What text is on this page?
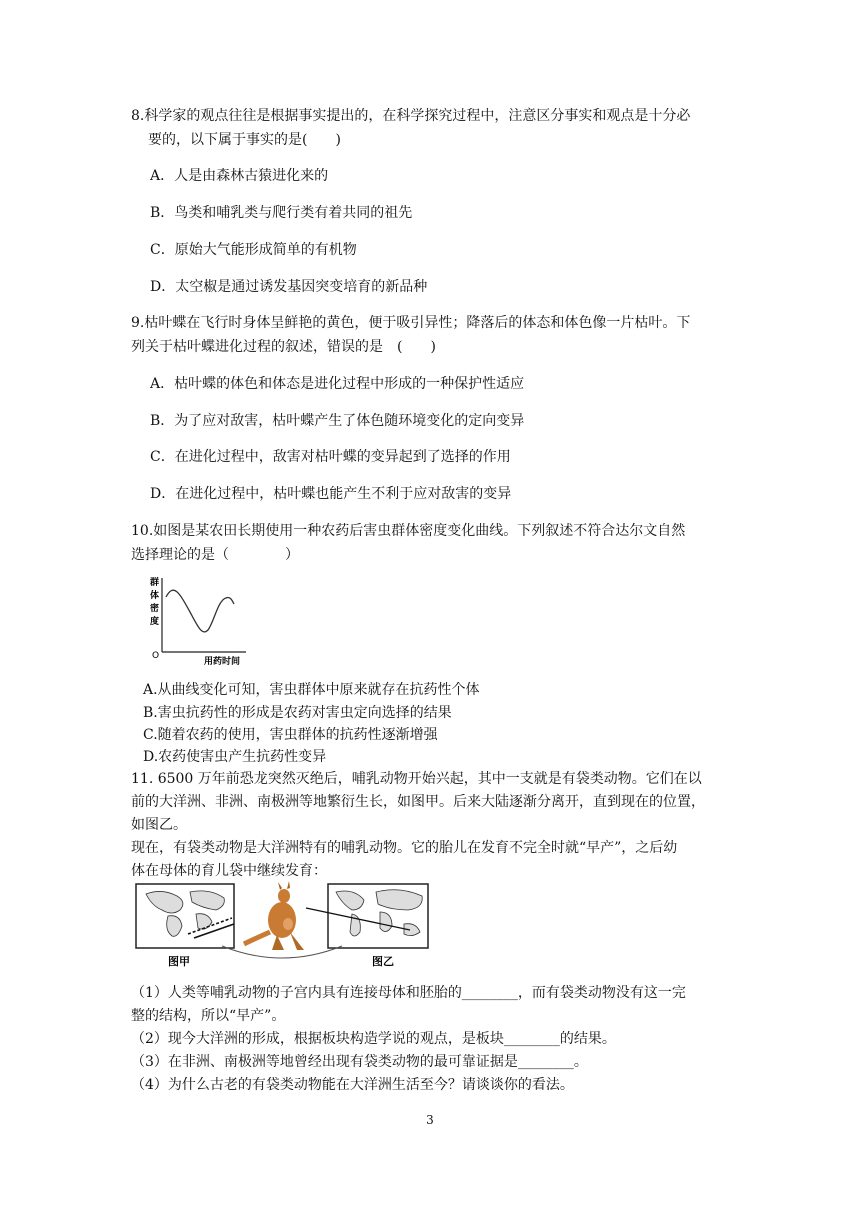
8.科学家的观点往往是根据事实提出的，在科学探究过程中，注意区分事实和观点是十分必
要的，以下属于事实的是(　　)
A．人是由森林古猿进化来的
B．鸟类和哺乳类与爬行类有着共同的祖先
C．原始大气能形成简单的有机物
D．太空椒是通过诱发基因突变培育的新品种
9.枯叶蝶在飞行时身体呈鲜艳的黄色，便于吸引异性；降落后的体态和体色像一片枯叶。下
列关于枯叶蝶进化过程的叙述，错误的是　(　　)
A．枯叶蝶的体色和体态是进化过程中形成的一种保护性适应
B．为了应对敌害，枯叶蝶产生了体色随环境变化的定向变异
C．在进化过程中，敌害对枯叶蝶的变异起到了选择的作用
D．在进化过程中，枯叶蝶也能产生不利于应对敌害的变异
10.如图是某农田长期使用一种农药后害虫群体密度变化曲线。下列叙述不符合达尔文自然
选择理论的是（　　　　）
群
体
密
度
O
用药时间
A.从曲线变化可知，害虫群体中原来就存在抗药性个体
B.害虫抗药性的形成是农药对害虫定向选择的结果
C.随着农药的使用，害虫群体的抗药性逐渐增强
D.农药使害虫产生抗药性变异
11. 6500 万年前恐龙突然灭绝后，哺乳动物开始兴起，其中一支就是有袋类动物。它们在以
前的大洋洲、非洲、南极洲等地繁衍生长，如图甲。后来大陆逐渐分离开，直到现在的位置，
如图乙。
现在，有袋类动物是大洋洲特有的哺乳动物。它的胎儿在发育不完全时就“早产”，之后幼
体在母体的育儿袋中继续发育：
图甲	图乙
（1）人类等哺乳动物的子宫内具有连接母体和胚胎的________，而有袋类动物没有这一完
整的结构，所以“早产”。
（2）现今大洋洲的形成，根据板块构造学说的观点，是板块________的结果。
（3）在非洲、南极洲等地曾经出现有袋类动物的最可靠证据是________。
（4）为什么古老的有袋类动物能在大洋洲生活至今？请谈谈你的看法。
3
